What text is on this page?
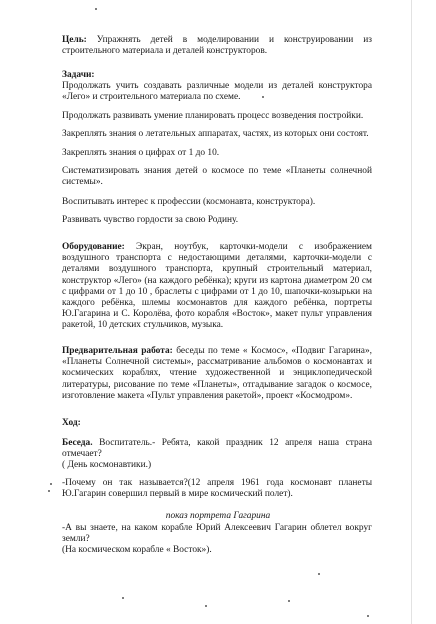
Цель: Упражнять детей в моделировании и конструировании из строительного материала и деталей конструкторов.

Задачи:

Продолжать учить создавать различные модели из деталей конструктора «Лего» и строительного материала по схеме.

Продолжать развивать умение планировать процесс возведения постройки.

Закреплять знания о летательных аппаратах, частях, из которых они состоят.

Закреплять знания о цифрах от 1 до 10.

Систематизировать знания детей о космосе по теме «Планеты солнечной системы».

Воспитывать интерес к профессии (космонавта, конструктора).

Развивать чувство гордости за свою Родину.

Оборудование: Экран, ноутбук, карточки-модели с изображением воздушного транспорта с недостающими деталями, карточки-модели с деталями воздушного транспорта, крупный строительный материал, конструктор «Лего» (на каждого ребёнка); круги из картона диаметром 20 см с цифрами от 1 до 10 , браслеты с цифрами от 1 до 10, шапочки-козырьки на каждого ребёнка, шлемы космонавтов для каждого ребёнка, портреты Ю.Гагарина и С. Королёва, фото корабля «Восток», макет пульт управления ракетой, 10 детских стульчиков, музыка.

Предварительная работа: беседы по теме « Космос», «Подвиг Гагарина», «Планеты Солнечной системы», рассматривание альбомов о космонавтах и космических кораблях, чтение художественной и энциклопедической литературы, рисование по теме «Планеты», отгадывание загадок о космосе, изготовление макета «Пульт управления ракетой», проект «Космодром».

Ход:

Беседа. Воспитатель.- Ребята, какой праздник 12 апреля наша страна отмечает?

( День космонавтики.)

-Почему он так называется?(12 апреля 1961 года космонавт планеты Ю.Гагарин совершил первый в мире космический полет).

показ портрета Гагарина

-А вы знаете, на каком корабле Юрий Алексеевич Гагарин облетел вокруг земли?

(На космическом корабле « Восток»).
